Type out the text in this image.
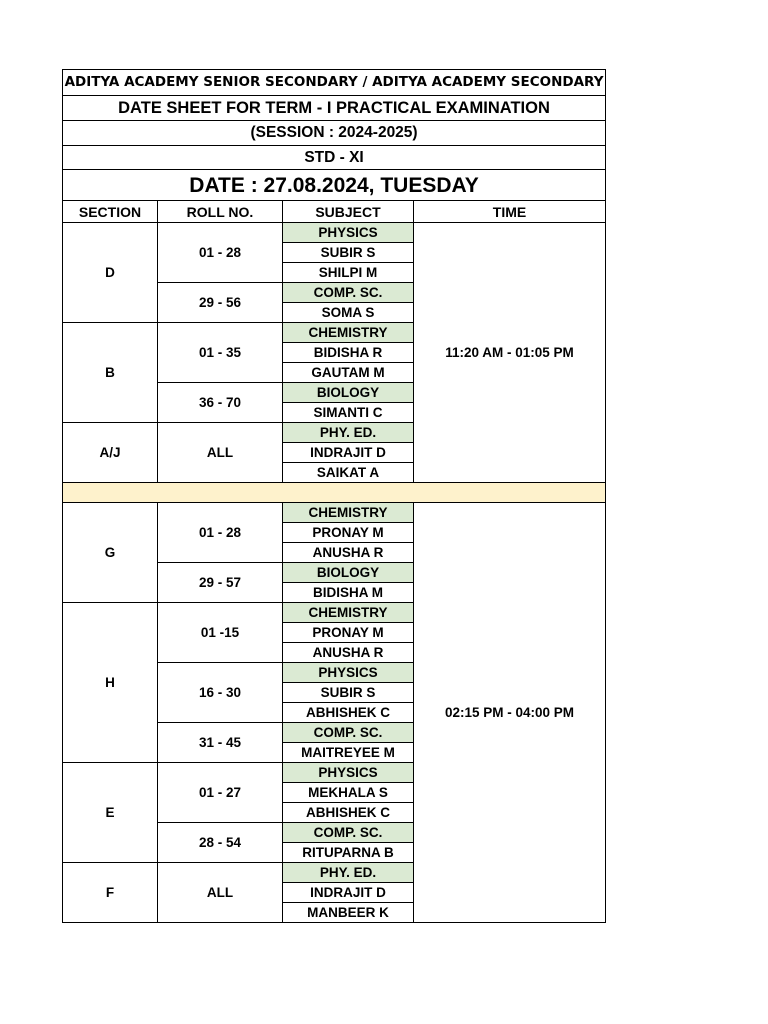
ADITYA ACADEMY SENIOR SECONDARY / ADITYA ACADEMY SECONDARY			
DATE SHEET FOR TERM - I PRACTICAL EXAMINATION			
(SESSION : 2024-2025)			
STD - XI			
DATE : 27.08.2024, TUESDAY			
SECTION	ROLL NO.	SUBJECT	TIME
D	01 - 28	PHYSICS	11:20 AM - 01:05 PM
		SUBIR S	
		SHILPI M	
	29 - 56	COMP. SC.	
		SOMA S	
B	01 - 35	CHEMISTRY	
		BIDISHA R	
		GAUTAM M	
	36 - 70	BIOLOGY	
		SIMANTI C	
A/J	ALL	PHY. ED.	
		INDRAJIT D	
		SAIKAT A	

G	01 - 28	CHEMISTRY	02:15 PM - 04:00 PM
		PRONAY M	
		ANUSHA R	
	29 - 57	BIOLOGY	
		BIDISHA M	
H	01 -15	CHEMISTRY	
		PRONAY M	
		ANUSHA R	
	16 - 30	PHYSICS	
		SUBIR S	
		ABHISHEK C	
	31 - 45	COMP. SC.	
		MAITREYEE M	
E	01 - 27	PHYSICS	
		MEKHALA S	
		ABHISHEK C	
	28 - 54	COMP. SC.	
		RITUPARNA B	
F	ALL	PHY. ED.	
		INDRAJIT D	
		MANBEER K	
